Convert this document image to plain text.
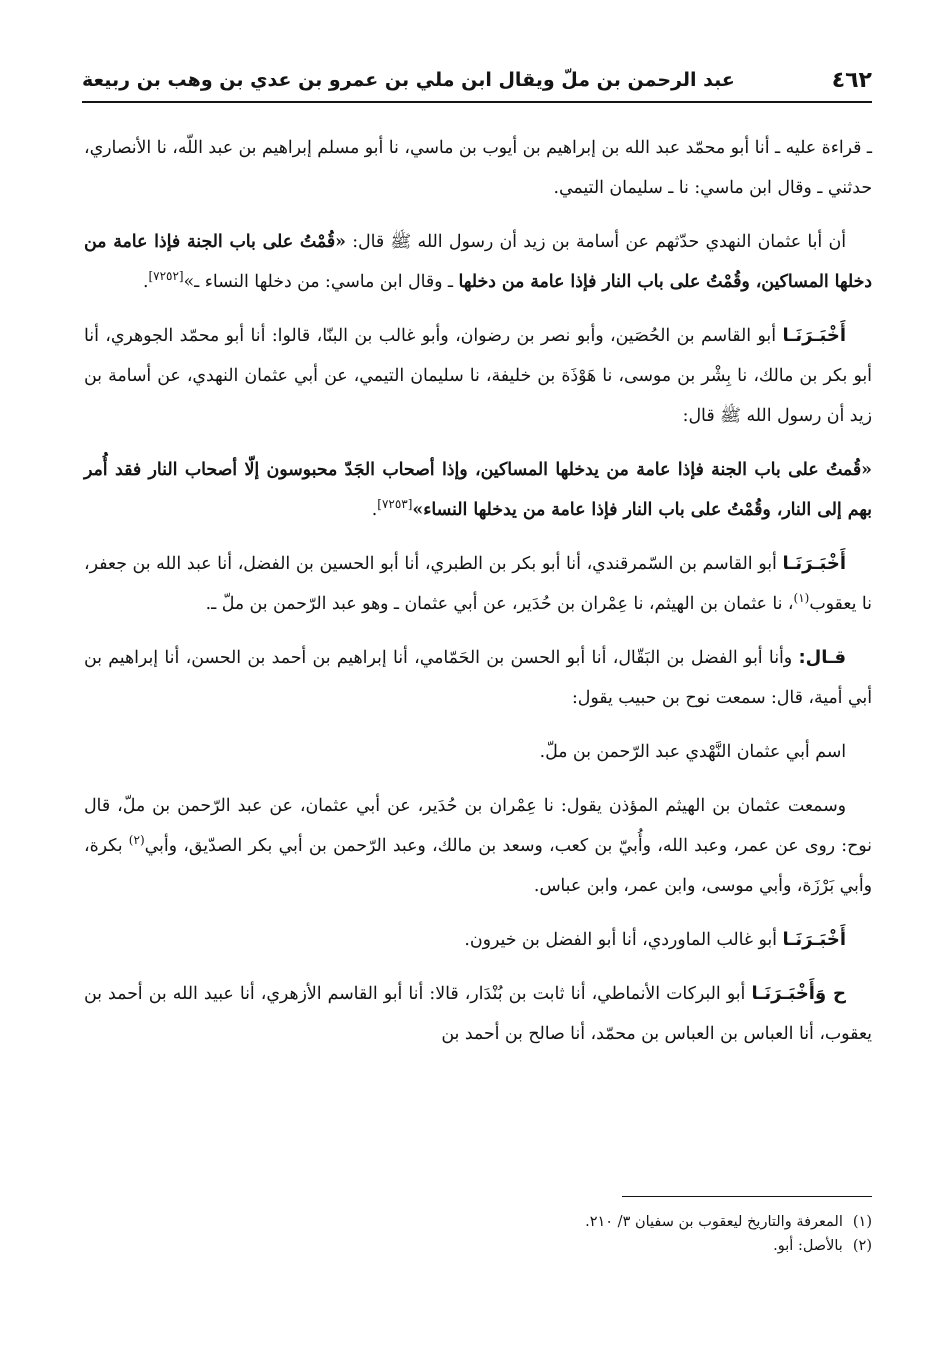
٤٦٢
عبد الرحمن بن ملّ ويقال ابن ملي بن عمرو بن عدي بن وهب بن ربيعة

ـ قراءة عليه ـ أنا أبو محمّد عبد الله بن إبراهيم بن أيوب بن ماسي، نا أبو مسلم إبراهيم بن عبد اللّه، نا الأنصاري، حدثني ـ وقال ابن ماسي: نا ـ سليمان التيمي.

أن أبا عثمان النهدي حدّثهم عن أسامة بن زيد أن رسول الله ﷺ قال: «قُمْتُ على باب الجنة فإذا عامة من دخلها المساكين، وقُمْتُ على باب النار فإذا عامة من دخلها ـ وقال ابن ماسي: من دخلها النساء ـ»[٧٢٥٢].

أَخْبَـرَنَـا أبو القاسم بن الحُصَين، وأبو نصر بن رضوان، وأبو غالب بن البنّا، قالوا: أنا أبو محمّد الجوهري، أنا أبو بكر بن مالك، نا بِشْر بن موسى، نا هَوْذَة بن خليفة، نا سليمان التيمي، عن أبي عثمان النهدي، عن أسامة بن زيد أن رسول الله ﷺ قال:

«قُمتُ على باب الجنة فإذا عامة من يدخلها المساكين، وإذا أصحاب الجَدّ محبوسون إلّا أصحاب النار فقد أُمر بهم إلى النار، وقُمْتُ على باب النار فإذا عامة من يدخلها النساء»[٧٢٥٣].

أَخْبَـرَنَـا أبو القاسم بن السّمرقندي، أنا أبو بكر بن الطبري، أنا أبو الحسين بن الفضل، أنا عبد الله بن جعفر، نا يعقوب$^{(١)}$، نا عثمان بن الهيثم، نا عِمْران بن حُدَير، عن أبي عثمان ـ وهو عبد الرّحمن بن ملّ ـ.

قـال: وأنا أبو الفضل بن البَقّال، أنا أبو الحسن بن الحَمّامي، أنا إبراهيم بن أحمد بن الحسن، أنا إبراهيم بن أبي أمية، قال: سمعت نوح بن حبيب يقول:

اسم أبي عثمان النَّهْدي عبد الرّحمن بن ملّ.

وسمعت عثمان بن الهيثم المؤذن يقول: نا عِمْران بن حُدَير، عن أبي عثمان، عن عبد الرّحمن بن ملّ، قال نوح: روى عن عمر، وعبد الله، وأُبيّ بن كعب، وسعد بن مالك، وعبد الرّحمن بن أبي بكر الصدّيق، وأبي$^{(٢)}$ بكرة، وأبي بَرْزَة، وأبي موسى، وابن عمر، وابن عباس.

أَخْبَـرَنَـا أبو غالب الماوردي، أنا أبو الفضل بن خيرون.

ح وَأَخْبَـرَنَـا أبو البركات الأنماطي، أنا ثابت بن بُنْدَار، قالا: أنا أبو القاسم الأزهري، أنا عبيد الله بن أحمد بن يعقوب، أنا العباس بن العباس بن محمّد، أنا صالح بن أحمد بن

(١)المعرفة والتاريخ ليعقوب بن سفيان ٣/ ٢١٠.
(٢)بالأصل: أبو.
